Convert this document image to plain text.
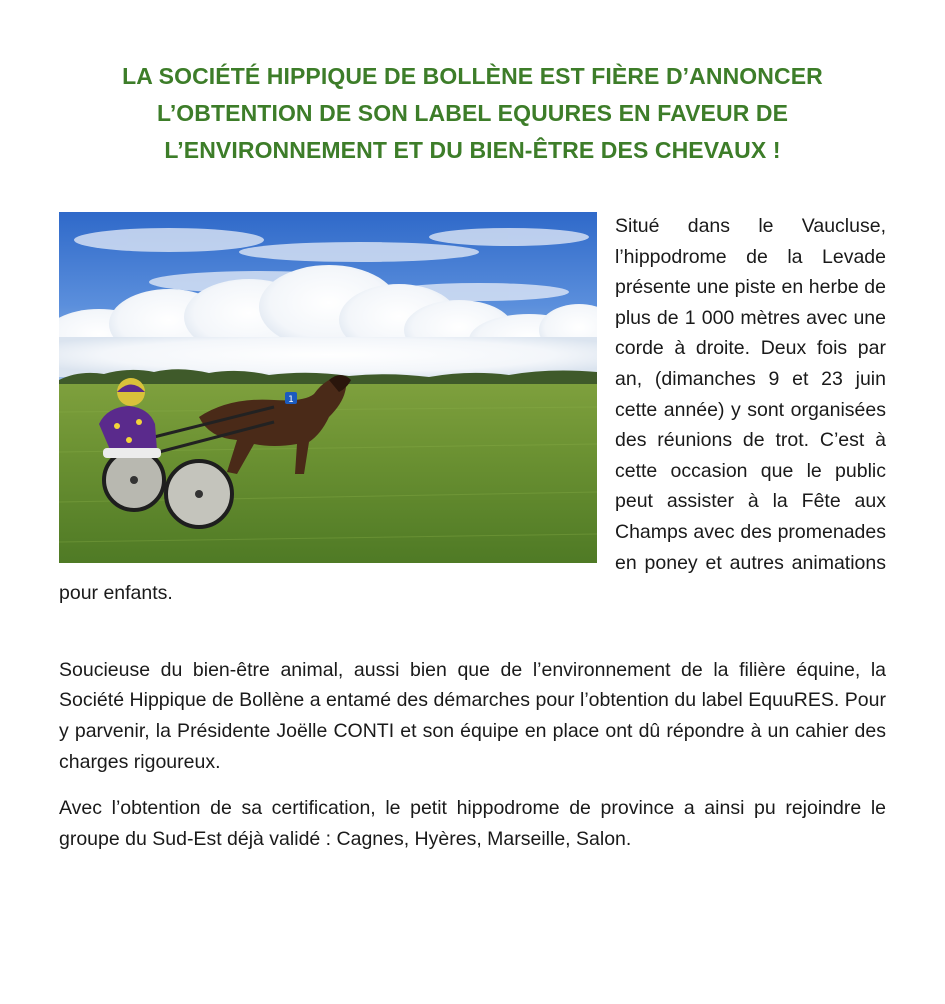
LA SOCIÉTÉ HIPPIQUE DE BOLLÈNE EST FIÈRE D’ANNONCER
L’OBTENTION DE SON LABEL EQUURES EN FAVEUR DE
L’ENVIRONNEMENT ET DU BIEN-ÊTRE DES CHEVAUX !
1

Situé dans le Vaucluse, l’hippodrome de la Levade présente une piste en herbe de plus de 1 000 mètres avec une corde à droite. Deux fois par an, (dimanches 9 et 23 juin cette année) y sont organisées des réunions de trot. C’est à cette occasion que le public peut assister à la Fête aux Champs avec des promenades en poney et autres animations pour enfants.

Soucieuse du bien-être animal, aussi bien que de l’environnement de la filière équine, la Société Hippique de Bollène a entamé des démarches pour l’obtention du label EquuRES. Pour y parvenir, la Présidente Joëlle CONTI et son équipe en place ont dû répondre à un cahier des charges rigoureux.

Avec l’obtention de sa certification, le petit hippodrome de province a ainsi pu rejoindre le groupe du Sud-Est déjà validé : Cagnes, Hyères, Marseille, Salon.
